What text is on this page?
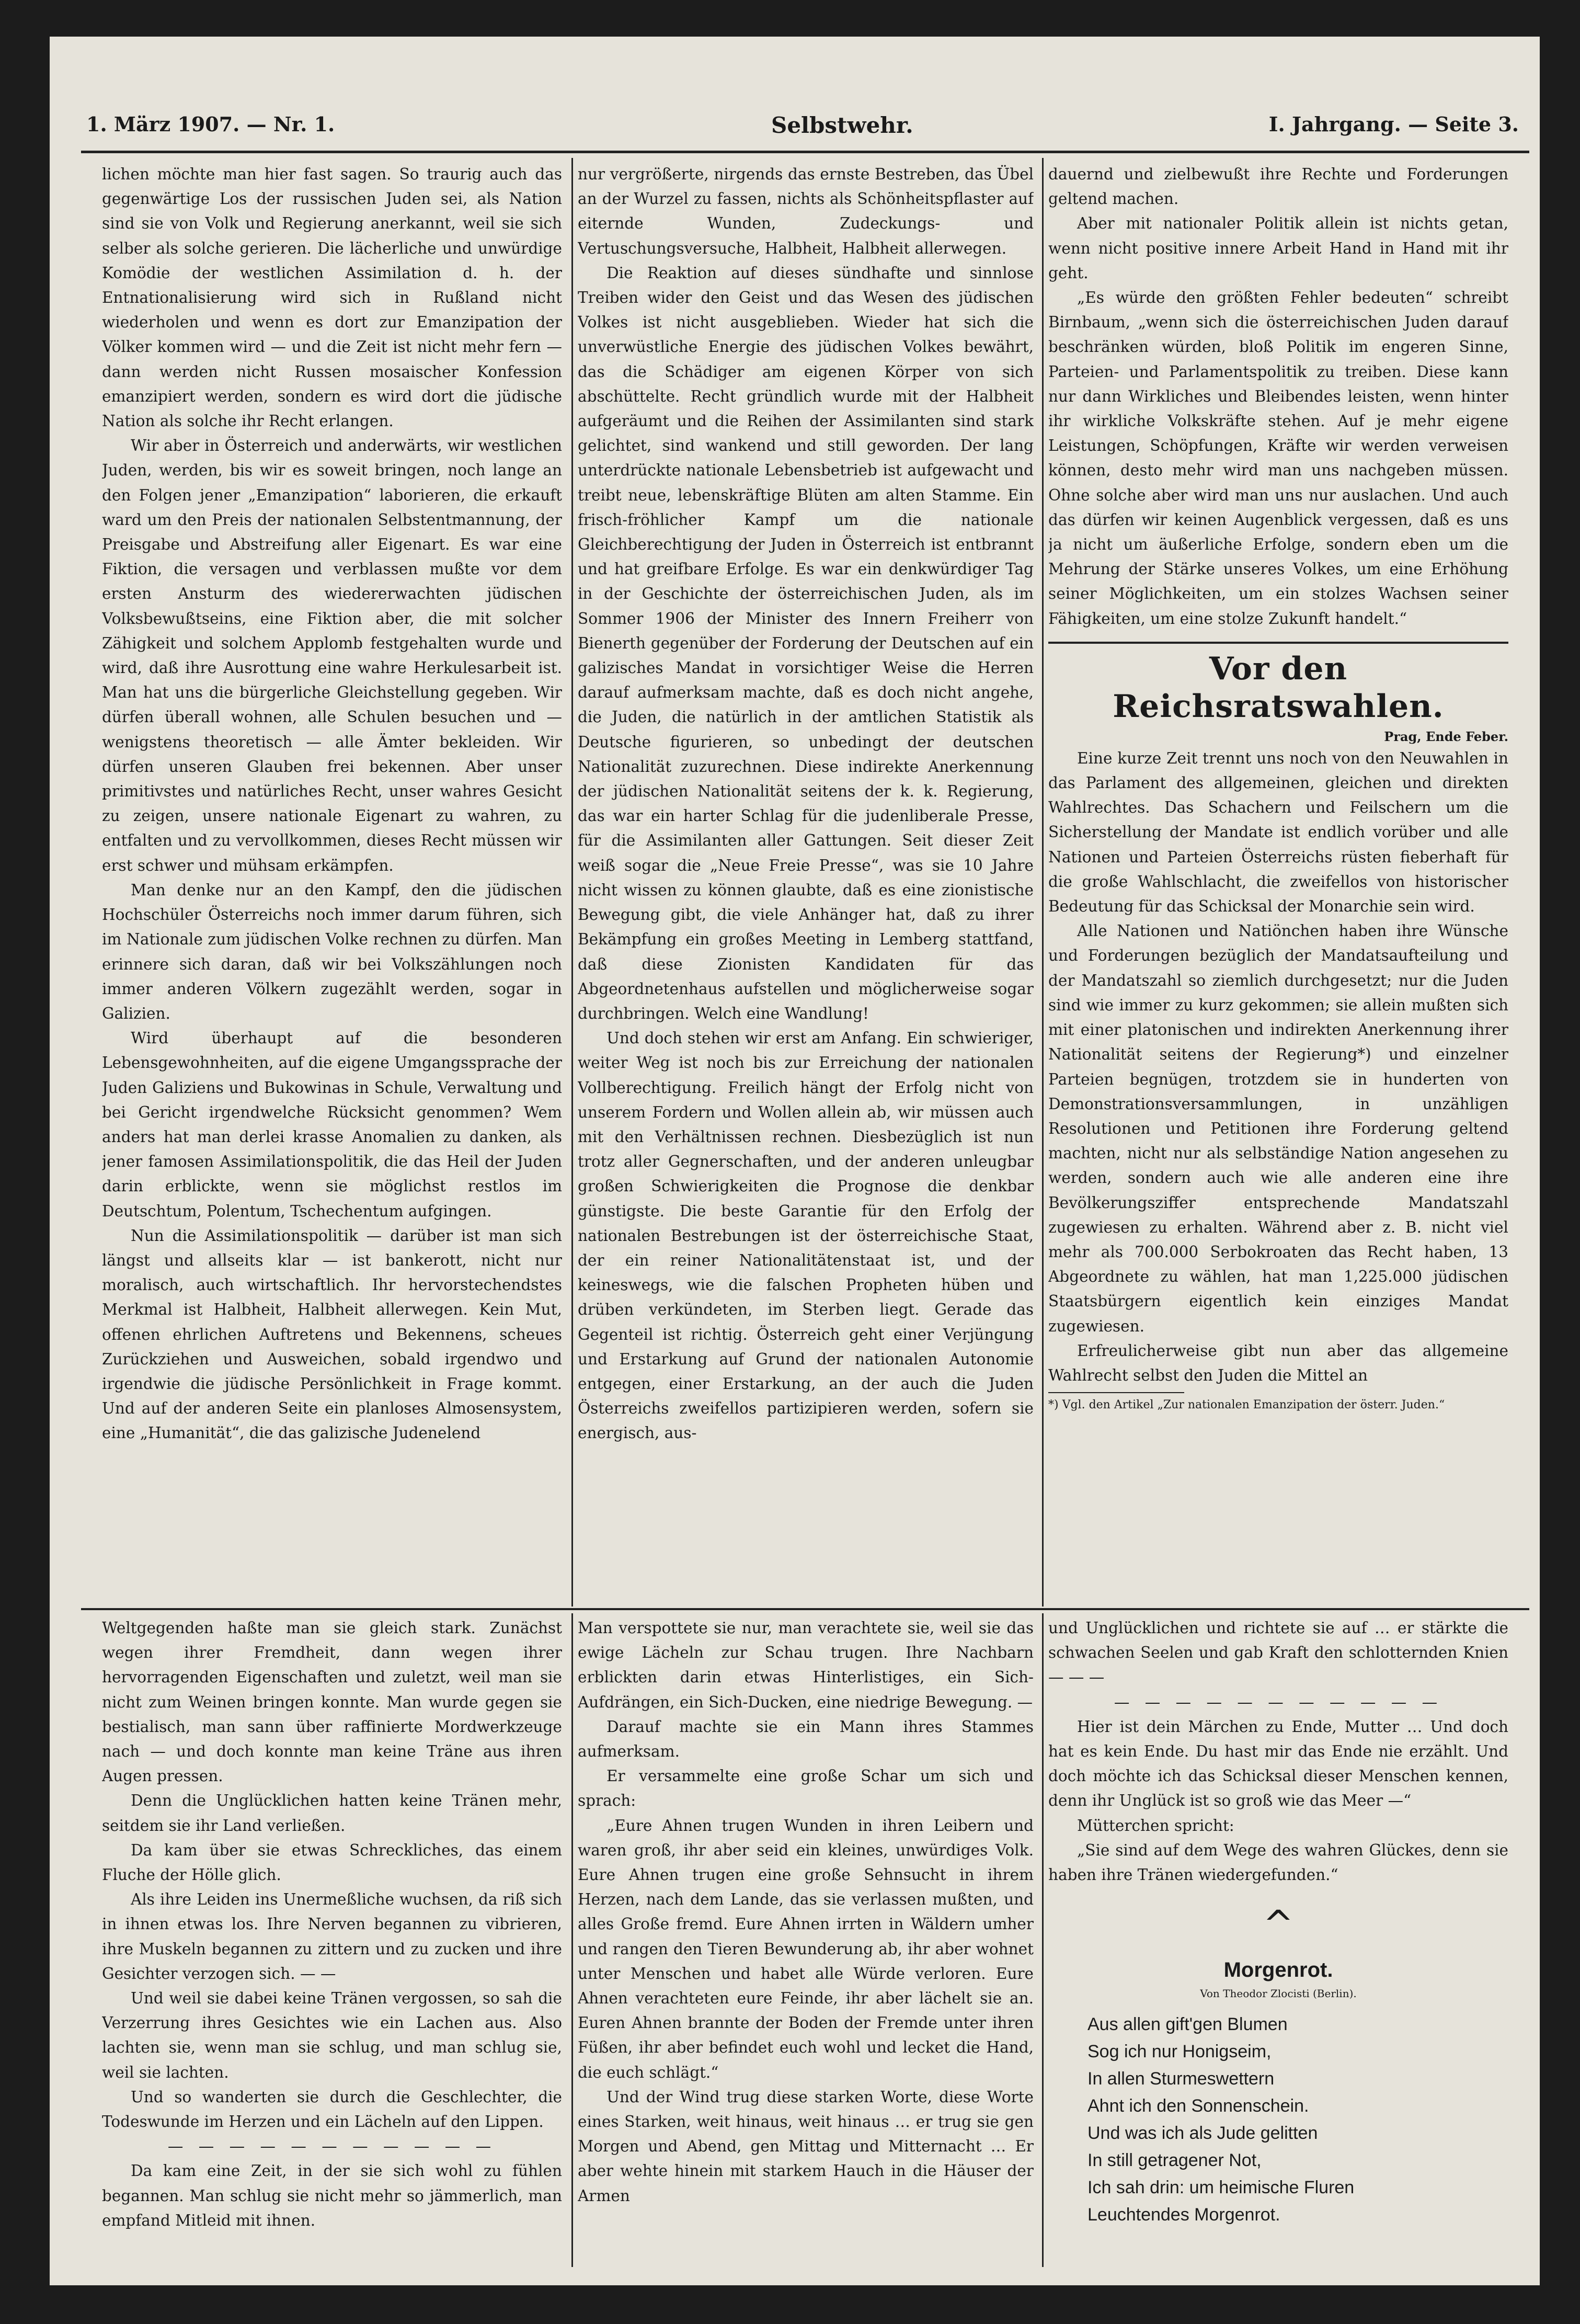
1. März 1907. — Nr. 1.	Selbstwehr.	I. Jahrgang. — Seite 3.

lichen möchte man hier fast sagen. So traurig auch das gegenwärtige Los der russischen Juden sei, als Nation sind sie von Volk und Regierung anerkannt, weil sie sich selber als solche gerieren. Die lächerliche und unwürdige Komödie der westlichen Assimilation d. h. der Entnationalisierung wird sich in Rußland nicht wiederholen und wenn es dort zur Emanzipation der Völker kommen wird — und die Zeit ist nicht mehr fern — dann werden nicht Russen mosaischer Konfession emanzipiert werden, sondern es wird dort die jüdische Nation als solche ihr Recht erlangen.

Wir aber in Österreich und anderwärts, wir westlichen Juden, werden, bis wir es soweit bringen, noch lange an den Folgen jener „Emanzipation“ laborieren, die erkauft ward um den Preis der nationalen Selbstentmannung, der Preisgabe und Abstreifung aller Eigenart. Es war eine Fiktion, die versagen und verblassen mußte vor dem ersten Ansturm des wiedererwachten jüdischen Volksbewußtseins, eine Fiktion aber, die mit solcher Zähigkeit und solchem Applomb festgehalten wurde und wird, daß ihre Ausrottung eine wahre Herkulesarbeit ist. Man hat uns die bürgerliche Gleichstellung gegeben. Wir dürfen überall wohnen, alle Schulen besuchen und — wenigstens theoretisch — alle Ämter bekleiden. Wir dürfen unseren Glauben frei bekennen. Aber unser primitivstes und natürliches Recht, unser wahres Gesicht zu zeigen, unsere nationale Eigenart zu wahren, zu entfalten und zu vervollkommen, dieses Recht müssen wir erst schwer und mühsam erkämpfen.

Man denke nur an den Kampf, den die jüdischen Hochschüler Österreichs noch immer darum führen, sich im Nationale zum jüdischen Volke rechnen zu dürfen. Man erinnere sich daran, daß wir bei Volkszählungen noch immer anderen Völkern zugezählt werden, sogar in Galizien.

Wird überhaupt auf die besonderen Lebensgewohnheiten, auf die eigene Umgangssprache der Juden Galiziens und Bukowinas in Schule, Verwaltung und bei Gericht irgendwelche Rücksicht genommen? Wem anders hat man derlei krasse Anomalien zu danken, als jener famosen Assimilationspolitik, die das Heil der Juden darin erblickte, wenn sie möglichst restlos im Deutschtum, Polentum, Tschechentum aufgingen.

Nun die Assimilationspolitik — darüber ist man sich längst und allseits klar — ist bankerott, nicht nur moralisch, auch wirtschaftlich. Ihr hervorstechendstes Merkmal ist Halbheit, Halbheit allerwegen. Kein Mut, offenen ehrlichen Auftretens und Bekennens, scheues Zurückziehen und Ausweichen, sobald irgendwo und irgendwie die jüdische Persönlichkeit in Frage kommt. Und auf der anderen Seite ein planloses Almosensystem, eine „Humanität“, die das galizische Judenelend

nur vergrößerte, nirgends das ernste Bestreben, das Übel an der Wurzel zu fassen, nichts als Schönheitspflaster auf eiternde Wunden, Zudeckungs- und Vertuschungsversuche, Halbheit, Halbheit allerwegen.

Die Reaktion auf dieses sündhafte und sinnlose Treiben wider den Geist und das Wesen des jüdischen Volkes ist nicht ausgeblieben. Wieder hat sich die unverwüstliche Energie des jüdischen Volkes bewährt, das die Schädiger am eigenen Körper von sich abschüttelte. Recht gründlich wurde mit der Halbheit aufgeräumt und die Reihen der Assimilanten sind stark gelichtet, sind wankend und still geworden. Der lang unterdrückte nationale Lebensbetrieb ist aufgewacht und treibt neue, lebenskräftige Blüten am alten Stamme. Ein frisch-fröhlicher Kampf um die nationale Gleichberechtigung der Juden in Österreich ist entbrannt und hat greifbare Erfolge. Es war ein denkwürdiger Tag in der Geschichte der österreichischen Juden, als im Sommer 1906 der Minister des Innern Freiherr von Bienerth gegenüber der Forderung der Deutschen auf ein galizisches Mandat in vorsichtiger Weise die Herren darauf aufmerksam machte, daß es doch nicht angehe, die Juden, die natürlich in der amtlichen Statistik als Deutsche figurieren, so unbedingt der deutschen Nationalität zuzurechnen. Diese indirekte Anerkennung der jüdischen Nationalität seitens der k. k. Regierung, das war ein harter Schlag für die judenliberale Presse, für die Assimilanten aller Gattungen. Seit dieser Zeit weiß sogar die „Neue Freie Presse“, was sie 10 Jahre nicht wissen zu können glaubte, daß es eine zionistische Bewegung gibt, die viele Anhänger hat, daß zu ihrer Bekämpfung ein großes Meeting in Lemberg stattfand, daß diese Zionisten Kandidaten für das Abgeordnetenhaus aufstellen und möglicherweise sogar durchbringen. Welch eine Wandlung!

Und doch stehen wir erst am Anfang. Ein schwieriger, weiter Weg ist noch bis zur Erreichung der nationalen Vollberechtigung. Freilich hängt der Erfolg nicht von unserem Fordern und Wollen allein ab, wir müssen auch mit den Verhältnissen rechnen. Diesbezüglich ist nun trotz aller Gegnerschaften, und der anderen unleugbar großen Schwierigkeiten die Prognose die denkbar günstigste. Die beste Garantie für den Erfolg der nationalen Bestrebungen ist der österreichische Staat, der ein reiner Nationalitätenstaat ist, und der keineswegs, wie die falschen Propheten hüben und drüben verkündeten, im Sterben liegt. Gerade das Gegenteil ist richtig. Österreich geht einer Verjüngung und Erstarkung auf Grund der nationalen Autonomie entgegen, einer Erstarkung, an der auch die Juden Österreichs zweifellos partizipieren werden, sofern sie energisch, aus-

dauernd und zielbewußt ihre Rechte und Forderungen geltend machen.

Aber mit nationaler Politik allein ist nichts getan, wenn nicht positive innere Arbeit Hand in Hand mit ihr geht.

„Es würde den größten Fehler bedeuten“ schreibt Birnbaum, „wenn sich die österreichischen Juden darauf beschränken würden, bloß Politik im engeren Sinne, Parteien- und Parlamentspolitik zu treiben. Diese kann nur dann Wirkliches und Bleibendes leisten, wenn hinter ihr wirkliche Volkskräfte stehen. Auf je mehr eigene Leistungen, Schöpfungen, Kräfte wir werden verweisen können, desto mehr wird man uns nachgeben müssen. Ohne solche aber wird man uns nur auslachen. Und auch das dürfen wir keinen Augenblick vergessen, daß es uns ja nicht um äußerliche Erfolge, sondern eben um die Mehrung der Stärke unseres Volkes, um eine Erhöhung seiner Möglichkeiten, um ein stolzes Wachsen seiner Fähigkeiten, um eine stolze Zukunft handelt.“

Vor den Reichsratswahlen.
Prag, Ende Feber.

Eine kurze Zeit trennt uns noch von den Neuwahlen in das Parlament des allgemeinen, gleichen und direkten Wahlrechtes. Das Schachern und Feilschern um die Sicherstellung der Mandate ist endlich vorüber und alle Nationen und Parteien Österreichs rüsten fieberhaft für die große Wahlschlacht, die zweifellos von historischer Bedeutung für das Schicksal der Monarchie sein wird.

Alle Nationen und Natiönchen haben ihre Wünsche und Forderungen bezüglich der Mandatsaufteilung und der Mandatszahl so ziemlich durchgesetzt; nur die Juden sind wie immer zu kurz gekommen; sie allein mußten sich mit einer platonischen und indirekten Anerkennung ihrer Nationalität seitens der Regierung*) und einzelner Parteien begnügen, trotzdem sie in hunderten von Demonstrationsversammlungen, in unzähligen Resolutionen und Petitionen ihre Forderung geltend machten, nicht nur als selbständige Nation angesehen zu werden, sondern auch wie alle anderen eine ihre Bevölkerungsziffer entsprechende Mandatszahl zugewiesen zu erhalten. Während aber z. B. nicht viel mehr als 700.000 Serbokroaten das Recht haben, 13 Abgeordnete zu wählen, hat man 1,225.000 jüdischen Staatsbürgern eigentlich kein einziges Mandat zugewiesen.

Erfreulicherweise gibt nun aber das allgemeine Wahlrecht selbst den Juden die Mittel an

*) Vgl. den Artikel „Zur nationalen Emanzipation der österr. Juden.“

Weltgegenden haßte man sie gleich stark. Zunächst wegen ihrer Fremdheit, dann wegen ihrer hervorragenden Eigenschaften und zuletzt, weil man sie nicht zum Weinen bringen konnte. Man wurde gegen sie bestialisch, man sann über raffinierte Mordwerkzeuge nach — und doch konnte man keine Träne aus ihren Augen pressen.

Denn die Unglücklichen hatten keine Tränen mehr, seitdem sie ihr Land verließen.

Da kam über sie etwas Schreckliches, das einem Fluche der Hölle glich.

Als ihre Leiden ins Unermeßliche wuchsen, da riß sich in ihnen etwas los. Ihre Nerven begannen zu vibrieren, ihre Muskeln begannen zu zittern und zu zucken und ihre Gesichter verzogen sich. — —

Und weil sie dabei keine Tränen vergossen, so sah die Verzerrung ihres Gesichtes wie ein Lachen aus. Also lachten sie, wenn man sie schlug, und man schlug sie, weil sie lachten.

Und so wanderten sie durch die Geschlechter, die Todeswunde im Herzen und ein Lächeln auf den Lippen.

— — — — — — — — — — —

Da kam eine Zeit, in der sie sich wohl zu fühlen begannen. Man schlug sie nicht mehr so jämmerlich, man empfand Mitleid mit ihnen.

Man verspottete sie nur, man verachtete sie, weil sie das ewige Lächeln zur Schau trugen. Ihre Nachbarn erblickten darin etwas Hinterlistiges, ein Sich-Aufdrängen, ein Sich-Ducken, eine niedrige Bewegung. —

Darauf machte sie ein Mann ihres Stammes aufmerksam.

Er versammelte eine große Schar um sich und sprach:

„Eure Ahnen trugen Wunden in ihren Leibern und waren groß, ihr aber seid ein kleines, unwürdiges Volk. Eure Ahnen trugen eine große Sehnsucht in ihrem Herzen, nach dem Lande, das sie verlassen mußten, und alles Große fremd. Eure Ahnen irrten in Wäldern umher und rangen den Tieren Bewunderung ab, ihr aber wohnet unter Menschen und habet alle Würde verloren. Eure Ahnen verachteten eure Feinde, ihr aber lächelt sie an. Euren Ahnen brannte der Boden der Fremde unter ihren Füßen, ihr aber befindet euch wohl und lecket die Hand, die euch schlägt.“

Und der Wind trug diese starken Worte, diese Worte eines Starken, weit hinaus, weit hinaus … er trug sie gen Morgen und Abend, gen Mittag und Mitternacht … Er aber wehte hinein mit starkem Hauch in die Häuser der Armen

und Unglücklichen und richtete sie auf … er stärkte die schwachen Seelen und gab Kraft den schlotternden Knien — — —

— — — — — — — — — — —

Hier ist dein Märchen zu Ende, Mutter … Und doch hat es kein Ende. Du hast mir das Ende nie erzählt. Und doch möchte ich das Schicksal dieser Menschen kennen, denn ihr Unglück ist so groß wie das Meer —“

Mütterchen spricht:

„Sie sind auf dem Wege des wahren Glückes, denn sie haben ihre Tränen wiedergefunden.“

^
Morgenrot.
Von Theodor Zlocisti (Berlin).
Aus allen gift'gen Blumen
Sog ich nur Honigseim,
In allen Sturmeswettern
Ahnt ich den Sonnenschein.
Und was ich als Jude gelitten
In still getragener Not,
Ich sah drin: um heimische Fluren
Leuchtendes Morgenrot.
